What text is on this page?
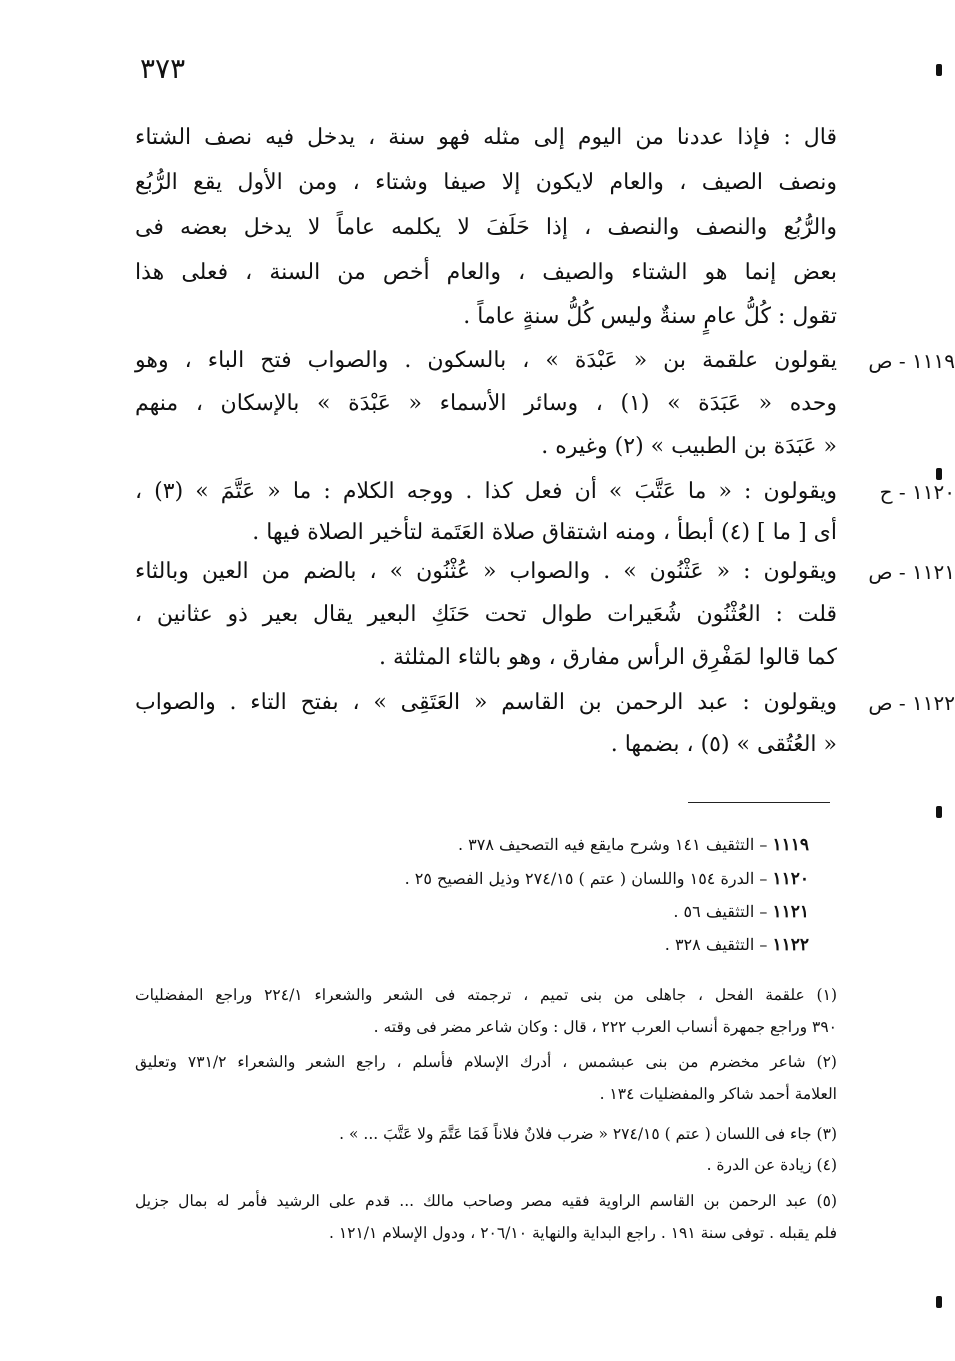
٣٧٣
قال : فإذا عددنا من اليوم إلى مثله فهو سنة ، يدخل فيه نصف الشتاء
ونصف الصيف ، والعام لايكون إلا صيفا وشتاء ، ومن الأول يقع الرُّبُع
والرُّبُع والنصف والنصف ، إذا حَلَفَ لا يكلمه عاماً لا يدخل بعضه فى
بعض إنما هو الشتاء والصيف ، والعام أخص من السنة ، فعلى هذا
تقول : كُلُّ عامٍ سنةٌ وليس كُلُّ سنةٍ عاماً .
١١١٩ - ص
يقولون علقمة بن « عَبْدَة » ، بالسكون . والصواب فتح الباء ، وهو
وحده « عَبَدَة » (١) ، وسائر الأسماء « عَبْدَة » بالإسكان ، منهم
« عَبَدَة بن الطبيب » (٢) وغيره .
١١٢٠ - ح
ويقولون : « ما عَتَّبَ » أن فعل كذا . ووجه الكلام : ما « عَتَّمَ » (٣) ،
أى [ ما ] (٤) أبطأ ، ومنه اشتقاق صلاة العَتَمة لتأخير الصلاة فيها .
١١٢١ - ص
ويقولون : « عَثْنُون » . والصواب « عُثْنُون » ، بالضم من العين وبالثاء
قلت : العُثْنُون شُعَيرات طوال تحت حَنَكِ البعير يقال بعير ذو عثانين ،
كما قالوا لمَفْرِق الرأس مفارق ، وهو بالثاء المثلثة .
١١٢٢ - ص
ويقولون : عبد الرحمن بن القاسم « العَتَقِى » ، بفتح التاء . والصواب
« العُتُقى » (٥) ، بضمها .
١١١٩ – التثقيف ١٤١ وشرح مايقع فيه التصحيف ٣٧٨ .
١١٢٠ – الدرة ١٥٤ واللسان ( عتم ) ٢٧٤/١٥ وذيل الفصيح ٢٥ .
١١٢١ – التثقيف ٥٦ .
١١٢٢ – التثقيف ٣٢٨ .
(١) علقمة الفحل ، جاهلى من بنى تميم ، ترجمته فى الشعر والشعراء ٢٢٤/١ وراجع المفضليات
٣٩٠ وراجع جمهرة أنساب العرب ٢٢٢ ، قال : وكان شاعر مضر فى وقته .
(٢) شاعر مخضرم من بنى عبشمس ، أدرك الإسلام فأسلم ، راجع الشعر والشعراء ٧٣١/٢ وتعليق
العلامة أحمد شاكر والمفضليات ١٣٤ .
(٣) جاء فى اللسان ( عتم ) ٢٧٤/١٥ « ضرب فلانٌ فلاناً فَمَا عَتَّمَ ولا عَتَّبَ ... » .
(٤) زيادة عن الدرة .
(٥) عبد الرحمن بن القاسم الراوية فقيه مصر وصاحب مالك ... قدم على الرشيد فأمر له بمال جزيل
فلم يقبله . توفى سنة ١٩١ . راجع البداية والنهاية ٢٠٦/١٠ ، ودول الإسلام ١٢١/١ .
